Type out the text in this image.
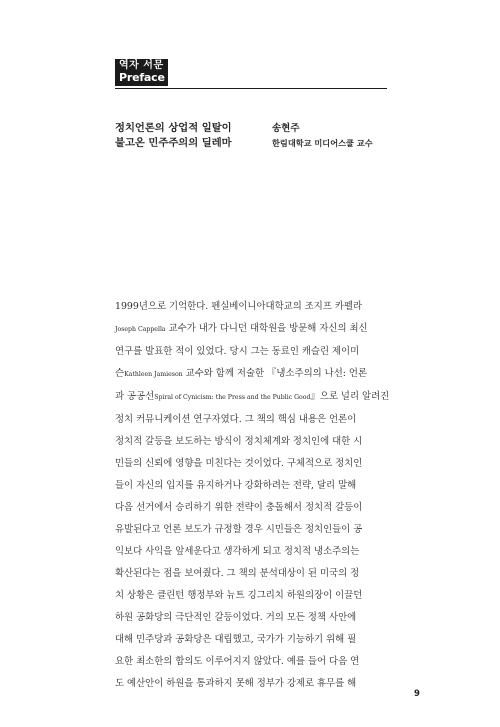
역자 서문
Preface
정치언론의 상업적 일탈이
불고온 민주주의의 딜레마
송현주
한림대학교 미디어스쿨 교수
1999년으로 기억한다. 펜실베이니아대학교의 조지프 카펠라
Joseph Cappella 교수가 내가 다니던 대학원을 방문해 자신의 최신
연구를 발표한 적이 있었다. 당시 그는 동료인 캐슬린 제이미
슨Kathleen Jamieson 교수와 함께 저술한 『냉소주의의 나선: 언론
과 공공선Spiral of Cynicism: the Press and the Public Good』으로 널리 알려진
정치 커뮤니케이션 연구자였다. 그 책의 핵심 내용은 언론이
정치적 갈등을 보도하는 방식이 정치체계와 정치인에 대한 시
민들의 신뢰에 영향을 미친다는 것이었다. 구체적으로 정치인
들이 자신의 입지를 유지하거나 강화하려는 전략, 달리 말해
다음 선거에서 승리하기 위한 전략이 충돌해서 정치적 갈등이
유발된다고 언론 보도가 규정할 경우 시민들은 정치인들이 공
익보다 사익을 앞세운다고 생각하게 되고 정치적 냉소주의는
확산된다는 점을 보여줬다. 그 책의 분석대상이 된 미국의 정
치 상황은 클린턴 행정부와 뉴트 깅그리치 하원의장이 이끌던
하원 공화당의 극단적인 갈등이었다. 거의 모든 정책 사안에
대해 민주당과 공화당은 대립했고, 국가가 기능하기 위해 필
요한 최소한의 합의도 이루어지지 않았다. 예를 들어 다음 연
도 예산안이 하원을 통과하지 못해 정부가 강제로 휴무를 해
9
